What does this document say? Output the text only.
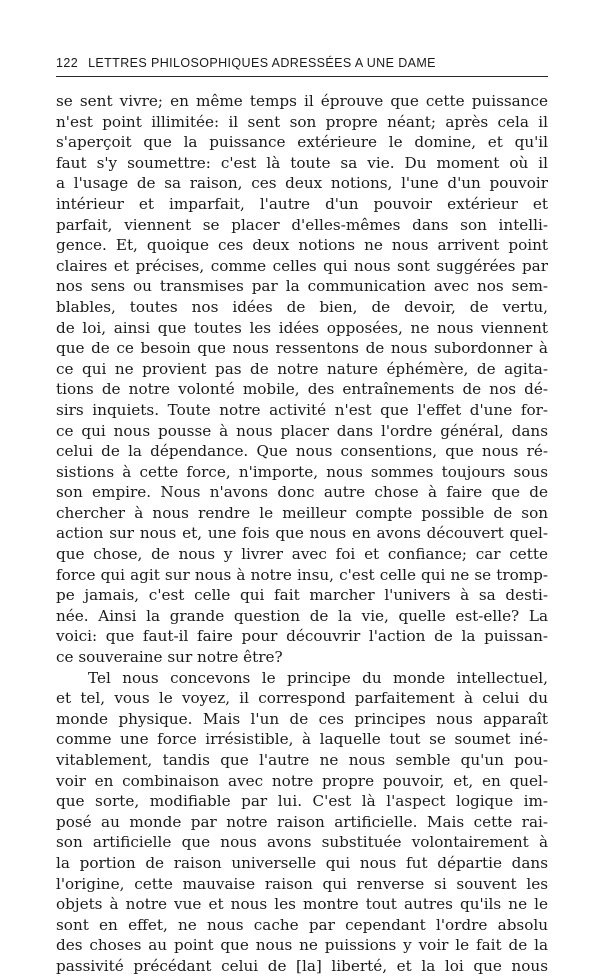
122 LETTRES PHILOSOPHIQUES ADRESSÉES A UNE DAME
se sent vivre; en même temps il éprouve que cette puissance
n'est point illimitée: il sent son propre néant; après cela il
s'aperçoit que la puissance extérieure le domine, et qu'il
faut s'y soumettre: c'est là toute sa vie. Du moment où il
a l'usage de sa raison, ces deux notions, l'une d'un pouvoir
intérieur et imparfait, l'autre d'un pouvoir extérieur et
parfait, viennent se placer d'elles-mêmes dans son intelli-
gence. Et, quoique ces deux notions ne nous arrivent point
claires et précises, comme celles qui nous sont suggérées par
nos sens ou transmises par la communication avec nos sem-
blables, toutes nos idées de bien, de devoir, de vertu,
de loi, ainsi que toutes les idées opposées, ne nous viennent
que de ce besoin que nous ressentons de nous subordonner à
ce qui ne provient pas de notre nature éphémère, de agita-
tions de notre volonté mobile, des entraînements de nos dé-
sirs inquiets. Toute notre activité n'est que l'effet d'une for-
ce qui nous pousse à nous placer dans l'ordre général, dans
celui de la dépendance. Que nous consentions, que nous ré-
sistions à cette force, n'importe, nous sommes toujours sous
son empire. Nous n'avons donc autre chose à faire que de
chercher à nous rendre le meilleur compte possible de son
action sur nous et, une fois que nous en avons découvert quel-
que chose, de nous y livrer avec foi et confiance; car cette
force qui agit sur nous à notre insu, c'est celle qui ne se tromp-
pe jamais, c'est celle qui fait marcher l'univers à sa desti-
née. Ainsi la grande question de la vie, quelle est-elle? La
voici: que faut-il faire pour découvrir l'action de la puissan-
ce souveraine sur notre être?
Tel nous concevons le principe du monde intellectuel,
et tel, vous le voyez, il correspond parfaitement à celui du
monde physique. Mais l'un de ces principes nous apparaît
comme une force irrésistible, à laquelle tout se soumet iné-
vitablement, tandis que l'autre ne nous semble qu'un pou-
voir en combinaison avec notre propre pouvoir, et, en quel-
que sorte, modifiable par lui. C'est là l'aspect logique im-
posé au monde par notre raison artificielle. Mais cette rai-
son artificielle que nous avons substituée volontairement à
la portion de raison universelle qui nous fut départie dans
l'origine, cette mauvaise raison qui renverse si souvent les
objets à notre vue et nous les montre tout autres qu'ils ne le
sont en effet, ne nous cache par cependant l'ordre absolu
des choses au point que nous ne puissions y voir le fait de la
passivité précédant celui de [la] liberté, et la loi que nous
